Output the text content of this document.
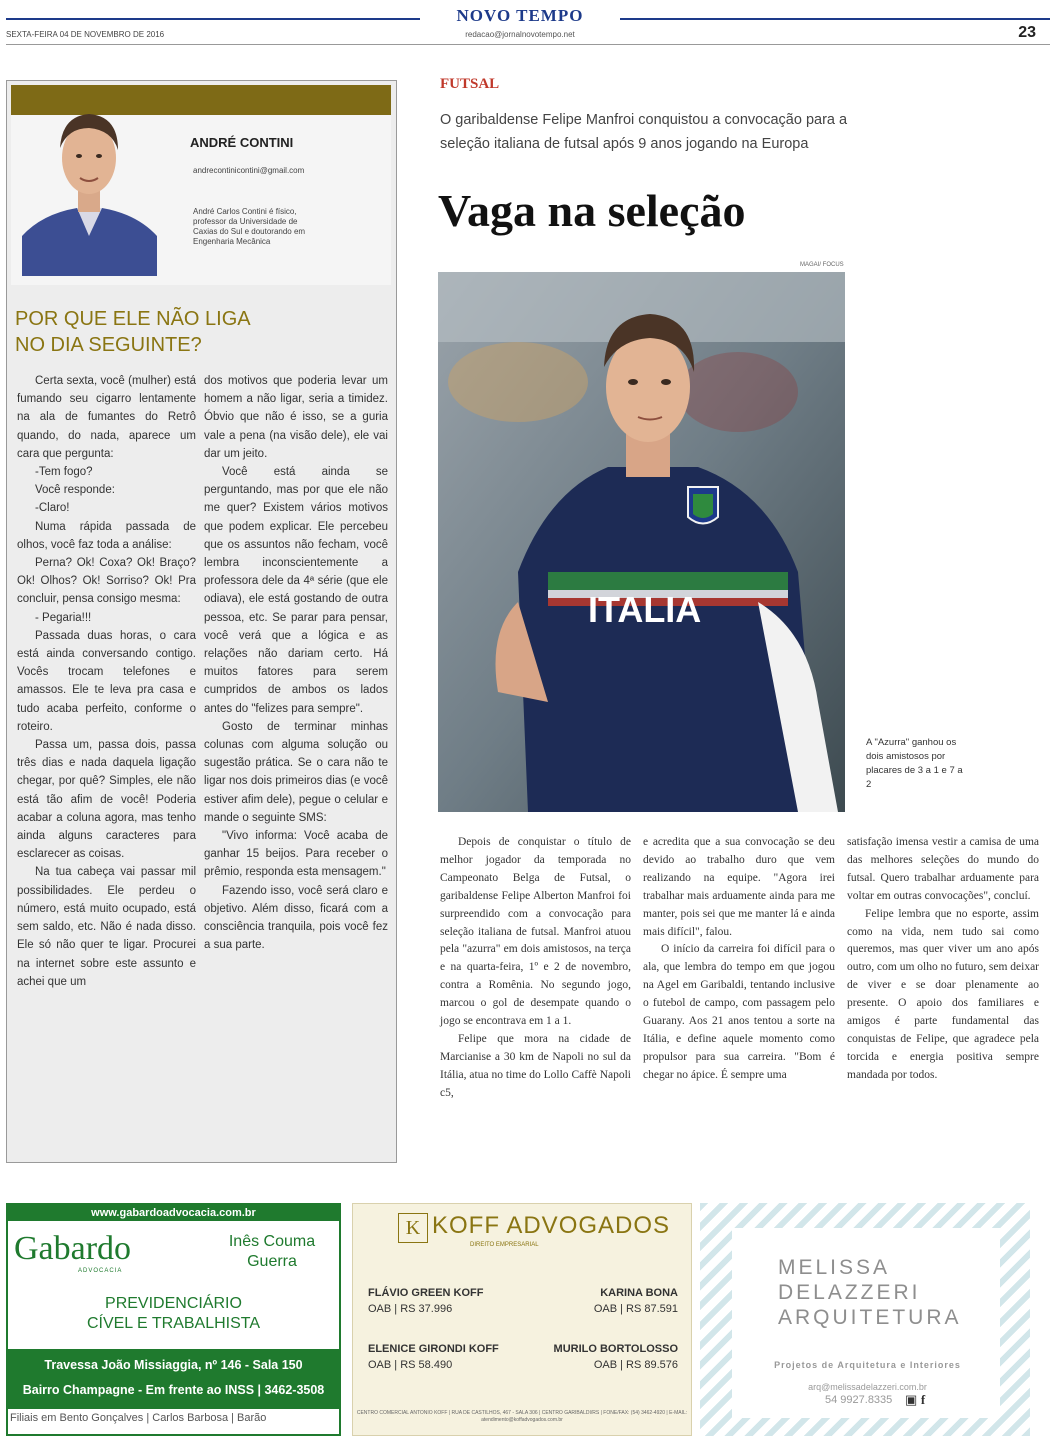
SEXTA-FEIRA 04 DE NOVEMBRO DE 2016
NOVO TEMPO
redacao@jornalnovotempo.net	23
ANDRÉ CONTINI
andrecontinicontini@gmail.com
André Carlos Contini é físico, professor da Universidade de Caxias do Sul e doutorando em Engenharia Mecânica
POR QUE ELE NÃO LIGA
NO DIA SEGUINTE?

Certa sexta, você (mulher) está fumando seu cigarro lentamente na ala de fumantes do Retrô quando, do nada, aparece um cara que pergunta:

-Tem fogo?

Você responde:

-Claro!

Numa rápida passada de olhos, você faz toda a análise:

Perna? Ok! Coxa? Ok! Braço? Ok! Olhos? Ok! Sorriso? Ok! Pra concluir, pensa consigo mesma:

- Pegaria!!!

Passada duas horas, o cara está ainda conversando contigo. Vocês trocam telefones e amassos. Ele te leva pra casa e tudo acaba perfeito, conforme o roteiro.

Passa um, passa dois, passa três dias e nada daquela ligação chegar, por quê? Simples, ele não está tão afim de você! Poderia acabar a coluna agora, mas tenho ainda alguns caracteres para esclarecer as coisas.

Na tua cabeça vai passar mil possibilidades. Ele perdeu o número, está muito ocupado, está sem saldo, etc. Não é nada disso. Ele só não quer te ligar. Procurei na internet sobre este assunto e achei que um

dos motivos que poderia levar um homem a não ligar, seria a timidez. Óbvio que não é isso, se a guria vale a pena (na visão dele), ele vai dar um jeito.

Você está ainda se perguntando, mas por que ele não me quer? Existem vários motivos que podem explicar. Ele percebeu que os assuntos não fecham, você lembra inconscientemente a professora dele da 4ª série (que ele odiava), ele está gostando de outra pessoa, etc. Se parar para pensar, você verá que a lógica e as relações não dariam certo. Há muitos fatores para serem cumpridos de ambos os lados antes do "felizes para sempre".

Gosto de terminar minhas colunas com alguma solução ou sugestão prática. Se o cara não te ligar nos dois primeiros dias (e você estiver afim dele), pegue o celular e mande o seguinte SMS:

"Vivo informa: Você acaba de ganhar 15 beijos. Para receber o prêmio, responda esta mensagem."

Fazendo isso, você será claro e objetivo. Além disso, ficará com a consciência tranquila, pois você fez a sua parte.

FUTSAL
O garibaldense Felipe Manfroi conquistou a convocação para a seleção italiana de futsal após 9 anos jogando na Europa
Vaga na seleção
MAGAI/ FOCUS
ITALIA
A "Azurra" ganhou os dois amistosos por placares de 3 a 1 e 7 a 2

Depois de conquistar o título de melhor jogador da temporada no Campeonato Belga de Futsal, o garibaldense Felipe Alberton Manfroi foi surpreendido com a convocação para seleção italiana de futsal. Manfroi atuou pela "azurra" em dois amistosos, na terça e na quarta-feira, 1º e 2 de novembro, contra a Romênia. No segundo jogo, marcou o gol de desempate quando o jogo se encontrava em 1 a 1.

Felipe que mora na cidade de Marcianise a 30 km de Napoli no sul da Itália, atua no time do Lollo Caffè Napoli c5,

e acredita que a sua convocação se deu devido ao trabalho duro que vem realizando na equipe. "Agora irei trabalhar mais arduamente ainda para me manter, pois sei que me manter lá e ainda mais difícil", falou.

O início da carreira foi difícil para o ala, que lembra do tempo em que jogou na Agel em Garibaldi, tentando inclusive o futebol de campo, com passagem pelo Guarany. Aos 21 anos tentou a sorte na Itália, e define aquele momento como propulsor para sua carreira. "Bom é chegar no ápice. É sempre uma

satisfação imensa vestir a camisa de uma das melhores seleções do mundo do futsal. Quero trabalhar arduamente para voltar em outras convocações", concluí.

Felipe lembra que no esporte, assim como na vida, nem tudo sai como queremos, mas quer viver um ano após outro, com um olho no futuro, sem deixar de viver e se doar plenamente ao presente. O apoio dos familiares e amigos é parte fundamental das conquistas de Felipe, que agradece pela torcida e energia positiva sempre mandada por todos.

www.gabardoadvocacia.com.br
Gabardo
ADVOCACIA
Inês Couma Guerra
PREVIDENCIÁRIO
CÍVEL E TRABALHISTA
Travessa João Missiaggia, nº 146 - Sala 150
Bairro Champagne - Em frente ao INSS | 3462-3508
Filiais em Bento Gonçalves | Carlos Barbosa | Barão
K KOFF ADVOGADOS
DIREITO EMPRESARIAL
FLÁVIO GREEN KOFF
OAB | RS 37.996
KARINA BONA
OAB | RS 87.591
ELENICE GIRONDI KOFF
OAB | RS 58.490
MURILO BORTOLOSSO
OAB | RS 89.576
CENTRO COMERCIAL ANTONIO KOFF | RUA DE CASTILHOS, 467 - SALA 306 | CENTRO GARIBALDI/RS | FONE/FAX: (54) 3462-4920 | E-MAIL: atendimento@koffadvogados.com.br
MELISSA
DELAZZERI
ARQUITETURA
Projetos de Arquitetura e Interiores
arq@melissadelazzeri.com.br
54 9927.8335 ▣ f
